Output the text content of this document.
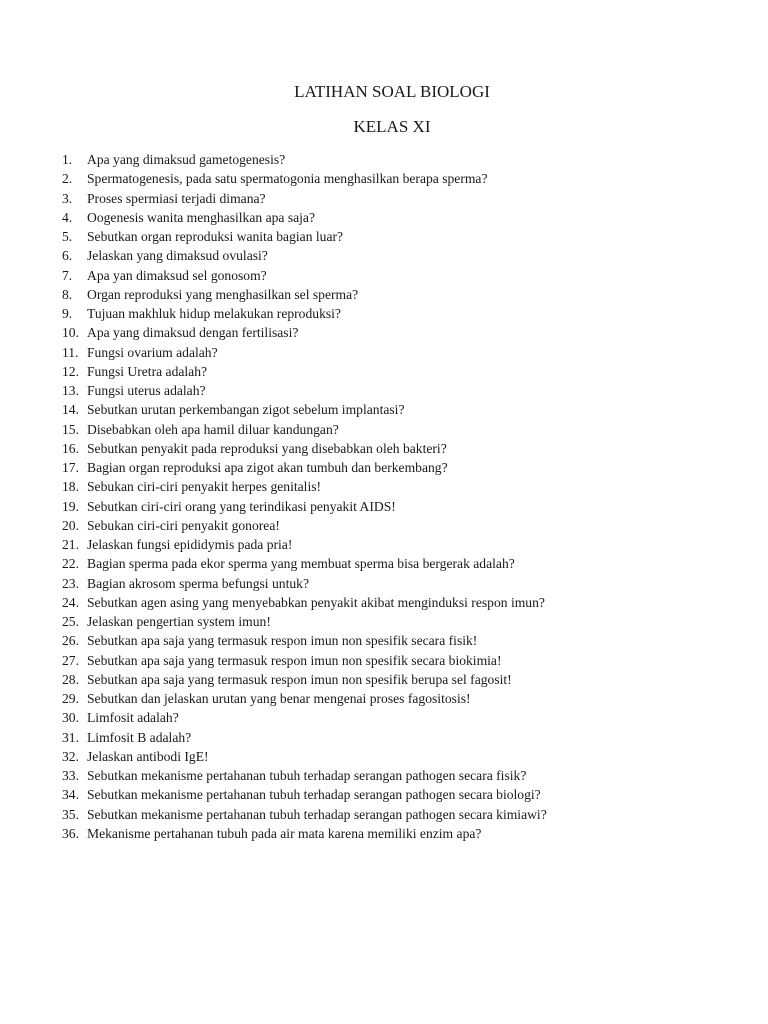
LATIHAN SOAL BIOLOGI
KELAS XI
1.	Apa yang dimaksud gametogenesis?
2.	Spermatogenesis, pada satu spermatogonia menghasilkan berapa sperma?
3.	Proses spermiasi terjadi dimana?
4.	Oogenesis wanita menghasilkan apa saja?
5.	Sebutkan organ reproduksi wanita bagian luar?
6.	Jelaskan yang dimaksud ovulasi?
7.	Apa yan dimaksud sel gonosom?
8.	Organ reproduksi yang menghasilkan sel sperma?
9.	Tujuan makhluk hidup melakukan reproduksi?
10. Apa yang dimaksud dengan fertilisasi?
11. Fungsi ovarium adalah?
12. Fungsi Uretra adalah?
13. Fungsi uterus adalah?
14. Sebutkan urutan perkembangan zigot sebelum implantasi?
15. Disebabkan oleh apa hamil diluar kandungan?
16. Sebutkan penyakit pada reproduksi yang disebabkan oleh bakteri?
17. Bagian organ reproduksi apa zigot akan tumbuh dan berkembang?
18. Sebukan ciri-ciri penyakit herpes genitalis!
19. Sebutkan ciri-ciri orang yang terindikasi penyakit AIDS!
20. Sebukan ciri-ciri penyakit gonorea!
21. Jelaskan fungsi epididymis pada pria!
22. Bagian sperma pada ekor sperma yang membuat sperma bisa bergerak adalah?
23. Bagian akrosom sperma befungsi untuk?
24. Sebutkan agen asing yang menyebabkan penyakit akibat menginduksi respon imun?
25. Jelaskan pengertian system imun!
26. Sebutkan apa saja yang termasuk respon imun non spesifik secara fisik!
27. Sebutkan apa saja yang termasuk respon imun non spesifik secara biokimia!
28. Sebutkan apa saja yang termasuk respon imun non spesifik berupa sel fagosit!
29. Sebutkan dan jelaskan urutan yang benar mengenai proses fagositosis!
30. Limfosit adalah?
31. Limfosit B adalah?
32. Jelaskan antibodi IgE!
33. Sebutkan mekanisme pertahanan tubuh terhadap serangan pathogen secara fisik?
34. Sebutkan mekanisme pertahanan tubuh terhadap serangan pathogen secara biologi?
35. Sebutkan mekanisme pertahanan tubuh terhadap serangan pathogen secara kimiawi?
36. Mekanisme pertahanan tubuh pada air mata karena memiliki enzim apa?
